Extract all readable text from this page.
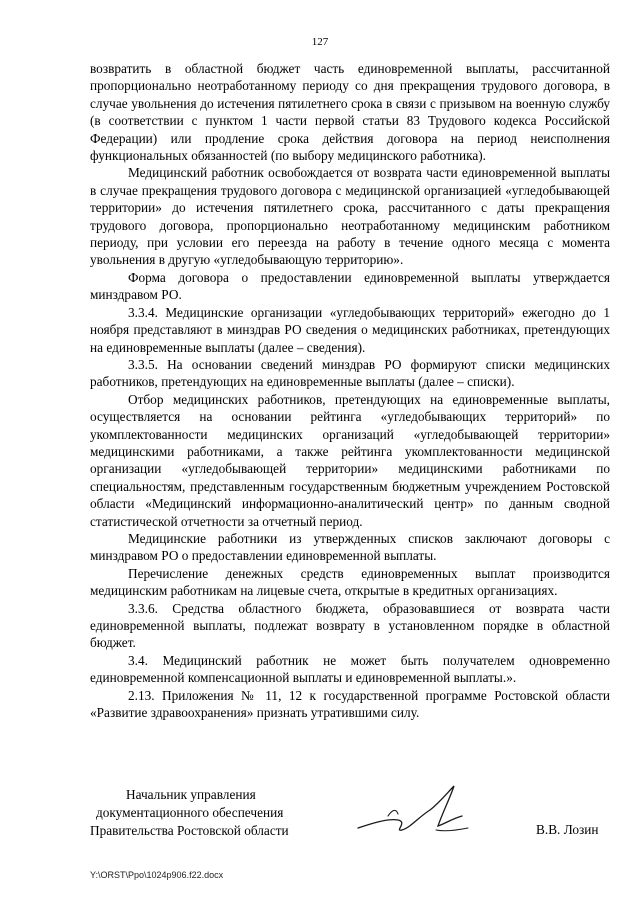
127

возвратить в областной бюджет часть единовременной выплаты, рассчитанной пропорционально неотработанному периоду со дня прекращения трудового договора, в случае увольнения до истечения пятилетнего срока в связи с призывом на военную службу (в соответствии с пунктом 1 части первой статьи 83 Трудового кодекса Российской Федерации) или продление срока действия договора на период неисполнения функциональных обязанностей (по выбору медицинского работника).

Медицинский работник освобождается от возврата части единовременной выплаты в случае прекращения трудового договора с медицинской организацией «угледобывающей территории» до истечения пятилетнего срока, рассчитанного с даты прекращения трудового договора, пропорционально неотработанному медицинским работником периоду, при условии его переезда на работу в течение одного месяца с момента увольнения в другую «угледобывающую территорию».

Форма договора о предоставлении единовременной выплаты утверждается минздравом РО.

3.3.4. Медицинские организации «угледобывающих территорий» ежегодно до 1 ноября представляют в минздрав РО сведения о медицинских работниках, претендующих на единовременные выплаты (далее – сведения).

3.3.5. На основании сведений минздрав РО формируют списки медицинских работников, претендующих на единовременные выплаты (далее – списки).

Отбор медицинских работников, претендующих на единовременные выплаты, осуществляется на основании рейтинга «угледобывающих территорий» по укомплектованности медицинских организаций «угледобывающей территории» медицинскими работниками, а также рейтинга укомплектованности медицинской организации «угледобывающей территории» медицинскими работниками по специальностям, представленным государственным бюджетным учреждением Ростовской области «Медицинский информационно-аналитический центр» по данным сводной статистической отчетности за отчетный период.

Медицинские работники из утвержденных списков заключают договоры с минздравом РО о предоставлении единовременной выплаты.

Перечисление денежных средств единовременных выплат производится медицинским работникам на лицевые счета, открытые в кредитных организациях.

3.3.6. Средства областного бюджета, образовавшиеся от возврата части единовременной выплаты, подлежат возврату в установленном порядке в областной бюджет.

3.4. Медицинский работник не может быть получателем одновременно единовременной компенсационной выплаты и единовременной выплаты.».

2.13. Приложения № 11, 12 к государственной программе Ростовской области «Развитие здравоохранения» признать утратившими силу.

Начальник управления
документационного обеспечения
Правительства Ростовской области	В.В. Лозин
Y:\ORST\Ppo\1024p906.f22.docx
